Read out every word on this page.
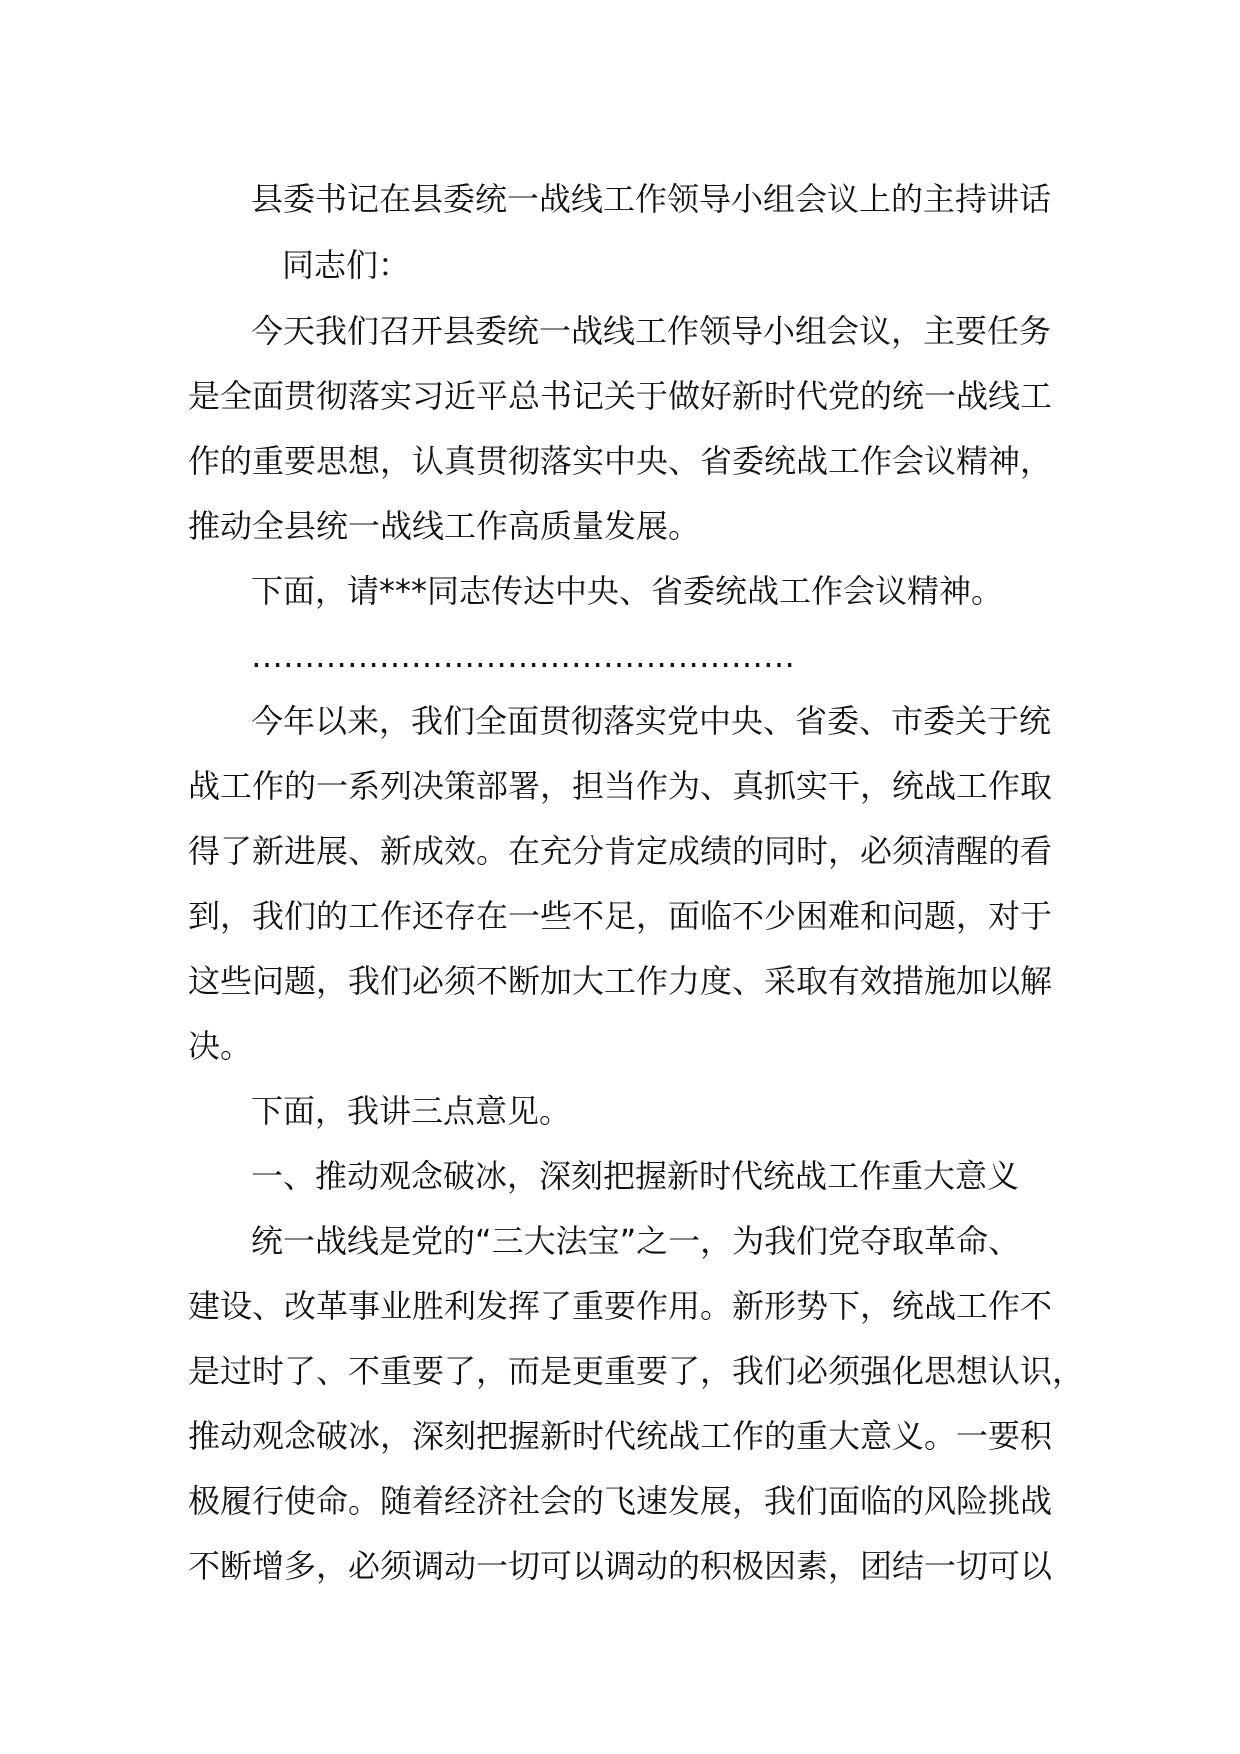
县委书记在县委统一战线工作领导小组会议上的主持讲话
同志们：
今天我们召开县委统一战线工作领导小组会议，主要任务
是全面贯彻落实习近平总书记关于做好新时代党的统一战线工
作的重要思想，认真贯彻落实中央、省委统战工作会议精神，
推动全县统一战线工作高质量发展。
下面，请***同志传达中央、省委统战工作会议精神。
……………………………………………
今年以来，我们全面贯彻落实党中央、省委、市委关于统
战工作的一系列决策部署，担当作为、真抓实干，统战工作取
得了新进展、新成效。在充分肯定成绩的同时，必须清醒的看
到，我们的工作还存在一些不足，面临不少困难和问题，对于
这些问题，我们必须不断加大工作力度、采取有效措施加以解
决。
下面，我讲三点意见。
一、推动观念破冰，深刻把握新时代统战工作重大意义
统一战线是党的“三大法宝”之一，为我们党夺取革命、
建设、改革事业胜利发挥了重要作用。新形势下，统战工作不
是过时了、不重要了，而是更重要了，我们必须强化思想认识，
推动观念破冰，深刻把握新时代统战工作的重大意义。一要积
极履行使命。随着经济社会的飞速发展，我们面临的风险挑战
不断增多，必须调动一切可以调动的积极因素，团结一切可以
